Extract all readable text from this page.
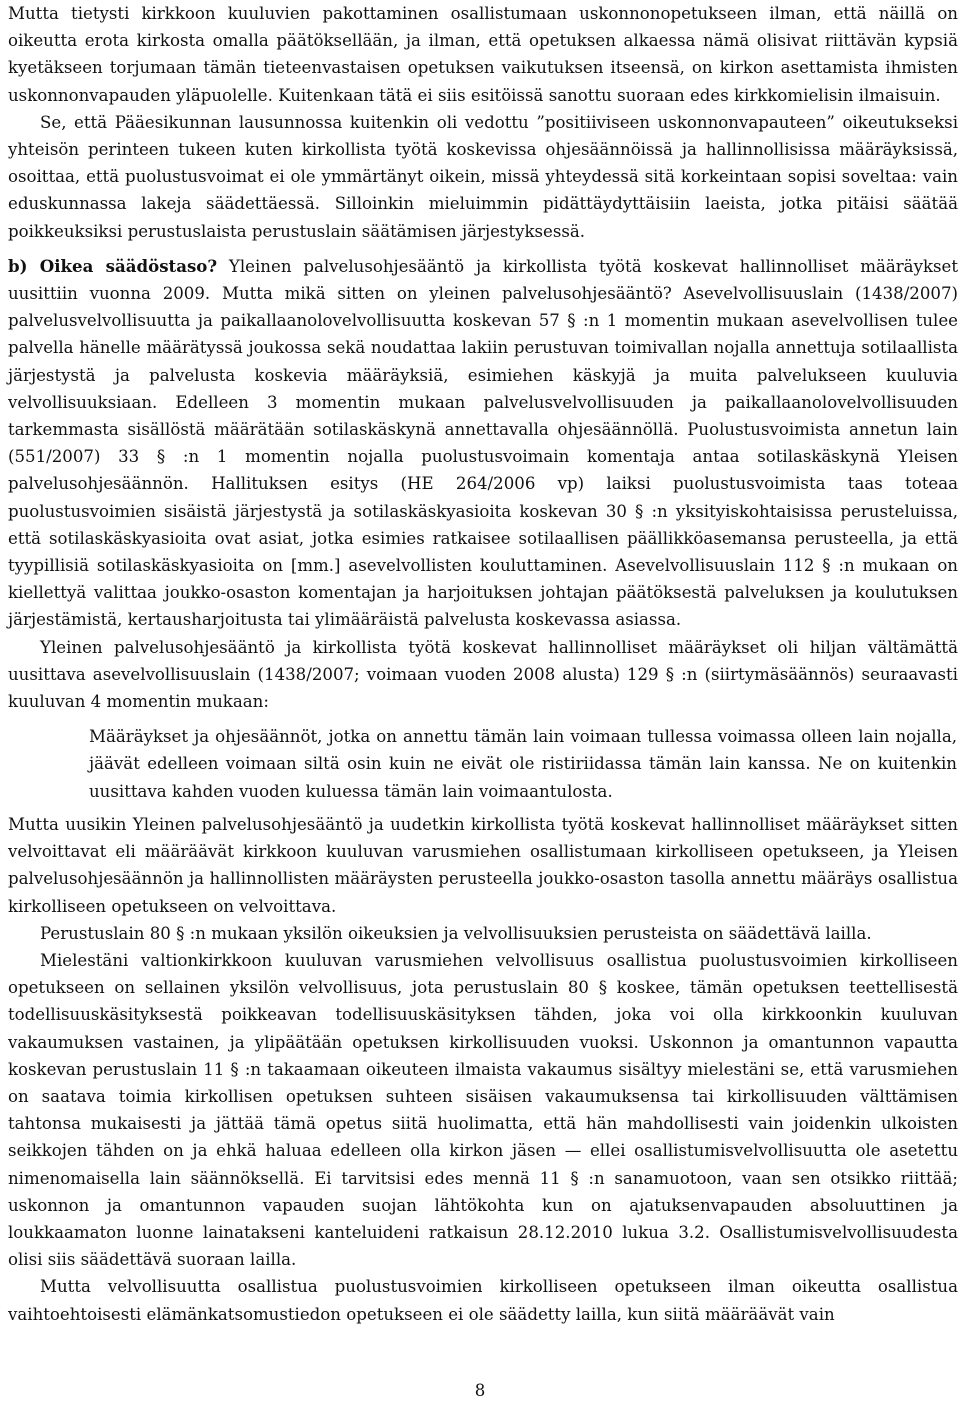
Mutta tietysti kirkkoon kuuluvien pakottaminen osallistumaan uskonnonopetukseen ilman, että näillä on oikeutta erota kirkosta omalla päätöksellään, ja ilman, että opetuksen alkaessa nämä olisivat riittävän kypsiä kyetäkseen torjumaan tämän tieteenvastaisen opetuksen vaikutuksen itseensä, on kirkon asettamista ihmisten uskonnonvapauden yläpuolelle. Kuitenkaan tätä ei siis esitöissä sanottu suoraan edes kirkkomielisin ilmaisuin.

Se, että Pääesikunnan lausunnossa kuitenkin oli vedottu ”positiiviseen uskonnonvapauteen” oikeutukseksi yhteisön perinteen tukeen kuten kirkollista työtä koskevissa ohjesäännöissä ja hallinnollisissa määräyksissä, osoittaa, että puolustusvoimat ei ole ymmärtänyt oikein, missä yhteydessä sitä korkeintaan sopisi soveltaa: vain eduskunnassa lakeja säädettäessä. Silloinkin mieluimmin pidättäydyttäisiin laeista, jotka pitäisi säätää poikkeuksiksi perustuslaista perustuslain säätämisen järjestyksessä.

b) Oikea säädöstaso? Yleinen palvelusohjesääntö ja kirkollista työtä koskevat hallinnolliset määräykset uusittiin vuonna 2009. Mutta mikä sitten on yleinen palvelusohjesääntö? Asevelvollisuuslain (1438/2007) palvelusvelvollisuutta ja paikallaanolovelvollisuutta koskevan 57 § :n 1 momentin mukaan asevelvollisen tulee palvella hänelle määrätyssä joukossa sekä noudattaa lakiin perustuvan toimivallan nojalla annettuja sotilaallista järjestystä ja palvelusta koskevia määräyksiä, esimiehen käskyjä ja muita palvelukseen kuuluvia velvollisuuksiaan. Edelleen 3 momentin mukaan palvelusvelvollisuuden ja paikallaanolovelvollisuuden tarkemmasta sisällöstä määrätään sotilaskäskynä annettavalla ohjesäännöllä. Puolustusvoimista annetun lain (551/2007) 33 § :n 1 momentin nojalla puolustusvoimain komentaja antaa sotilaskäskynä Yleisen palvelusohjesäännön. Hallituksen esitys (HE 264/2006 vp) laiksi puolustusvoimista taas toteaa puolustusvoimien sisäistä järjestystä ja sotilaskäskyasioita koskevan 30 § :n yksityiskohtaisissa perusteluissa, että sotilaskäskyasioita ovat asiat, jotka esimies ratkaisee sotilaallisen päällikköasemansa perusteella, ja että tyypillisiä sotilaskäskyasioita on [mm.] asevelvollisten kouluttaminen. Asevelvollisuuslain 112 § :n mukaan on kiellettyä valittaa joukko-osaston komentajan ja harjoituksen johtajan päätöksestä palveluksen ja koulutuksen järjestämistä, kertausharjoitusta tai ylimääräistä palvelusta koskevassa asiassa.

Yleinen palvelusohjesääntö ja kirkollista työtä koskevat hallinnolliset määräykset oli hiljan vältämättä uusittava asevelvollisuuslain (1438/2007; voimaan vuoden 2008 alusta) 129 § :n (siirtymäsäännös) seuraavasti kuuluvan 4 momentin mukaan:

Määräykset ja ohjesäännöt, jotka on annettu tämän lain voimaan tullessa voimassa olleen lain nojalla, jäävät edelleen voimaan siltä osin kuin ne eivät ole ristiriidassa tämän lain kanssa. Ne on kuitenkin uusittava kahden vuoden kuluessa tämän lain voimaantulosta.

Mutta uusikin Yleinen palvelusohjesääntö ja uudetkin kirkollista työtä koskevat hallinnolliset määräykset sitten velvoittavat eli määräävät kirkkoon kuuluvan varusmiehen osallistumaan kirkolliseen opetukseen, ja Yleisen palvelusohjesäännön ja hallinnollisten määräysten perusteella joukko-osaston tasolla annettu määräys osallistua kirkolliseen opetukseen on velvoittava.

Perustuslain 80 § :n mukaan yksilön oikeuksien ja velvollisuuksien perusteista on säädettävä lailla.

Mielestäni valtionkirkkoon kuuluvan varusmiehen velvollisuus osallistua puolustusvoimien kirkolliseen opetukseen on sellainen yksilön velvollisuus, jota perustuslain 80 § koskee, tämän opetuksen teettellisestä todellisuuskäsityksestä poikkeavan todellisuuskäsityksen tähden, joka voi olla kirkkoonkin kuuluvan vakaumuksen vastainen, ja ylipäätään opetuksen kirkollisuuden vuoksi. Uskonnon ja omantunnon vapautta koskevan perustuslain 11 § :n takaamaan oikeuteen ilmaista vakaumus sisältyy mielestäni se, että varusmiehen on saatava toimia kirkollisen opetuksen suhteen sisäisen vakaumuksensa tai kirkollisuuden välttämisen tahtonsa mukaisesti ja jättää tämä opetus siitä huolimatta, että hän mahdollisesti vain joidenkin ulkoisten seikkojen tähden on ja ehkä haluaa edelleen olla kirkon jäsen — ellei osallistumisvelvollisuutta ole asetettu nimenomaisella lain säännöksellä. Ei tarvitsisi edes mennä 11 § :n sanamuotoon, vaan sen otsikko riittää; uskonnon ja omantunnon vapauden suojan lähtökohta kun on ajatuksenvapauden absoluuttinen ja loukkaamaton luonne lainatakseni kanteluideni ratkaisun 28.12.2010 lukua 3.2. Osallistumisvelvollisuudesta olisi siis säädettävä suoraan lailla.

Mutta velvollisuutta osallistua puolustusvoimien kirkolliseen opetukseen ilman oikeutta osallistua vaihtoehtoisesti elämänkatsomustiedon opetukseen ei ole säädetty lailla, kun siitä määräävät vain

8
